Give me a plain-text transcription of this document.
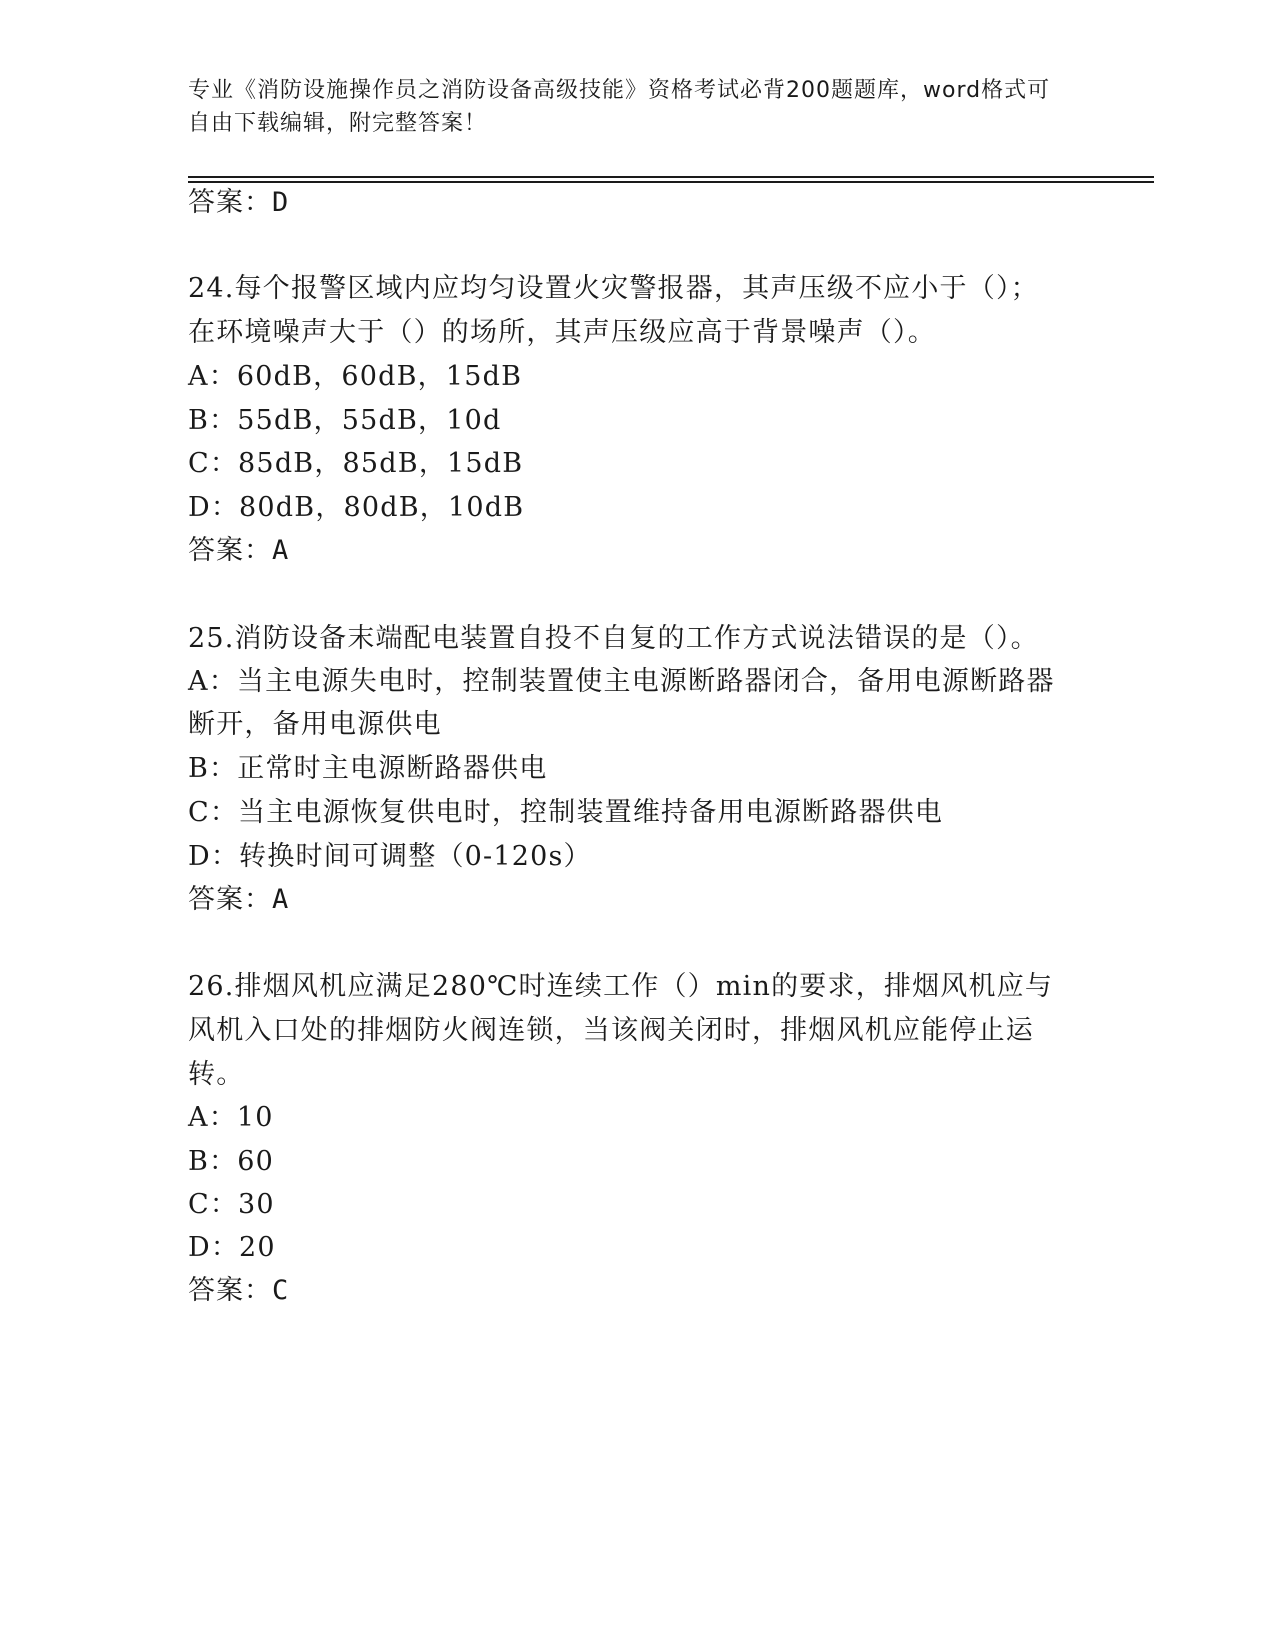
专业《消防设施操作员之消防设备高级技能》资格考试必背200题题库，word格式可自由下载编辑，附完整答案！
答案：D
24.每个报警区域内应均匀设置火灾警报器，其声压级不应小于（）；
在环境噪声大于（）的场所，其声压级应高于背景噪声（）。
A：60dB，60dB，15dB
B：55dB，55dB，10d
C：85dB，85dB，15dB
D：80dB，80dB，10dB
答案：A
25.消防设备末端配电装置自投不自复的工作方式说法错误的是（）。
A：当主电源失电时，控制装置使主电源断路器闭合，备用电源断路器
断开，备用电源供电
B：正常时主电源断路器供电
C：当主电源恢复供电时，控制装置维持备用电源断路器供电
D：转换时间可调整（0-120s）
答案：A
26.排烟风机应满足280℃时连续工作（）min的要求，排烟风机应与
风机入口处的排烟防火阀连锁，当该阀关闭时，排烟风机应能停止运
转。
A：10
B：60
C：30
D：20
答案：C
